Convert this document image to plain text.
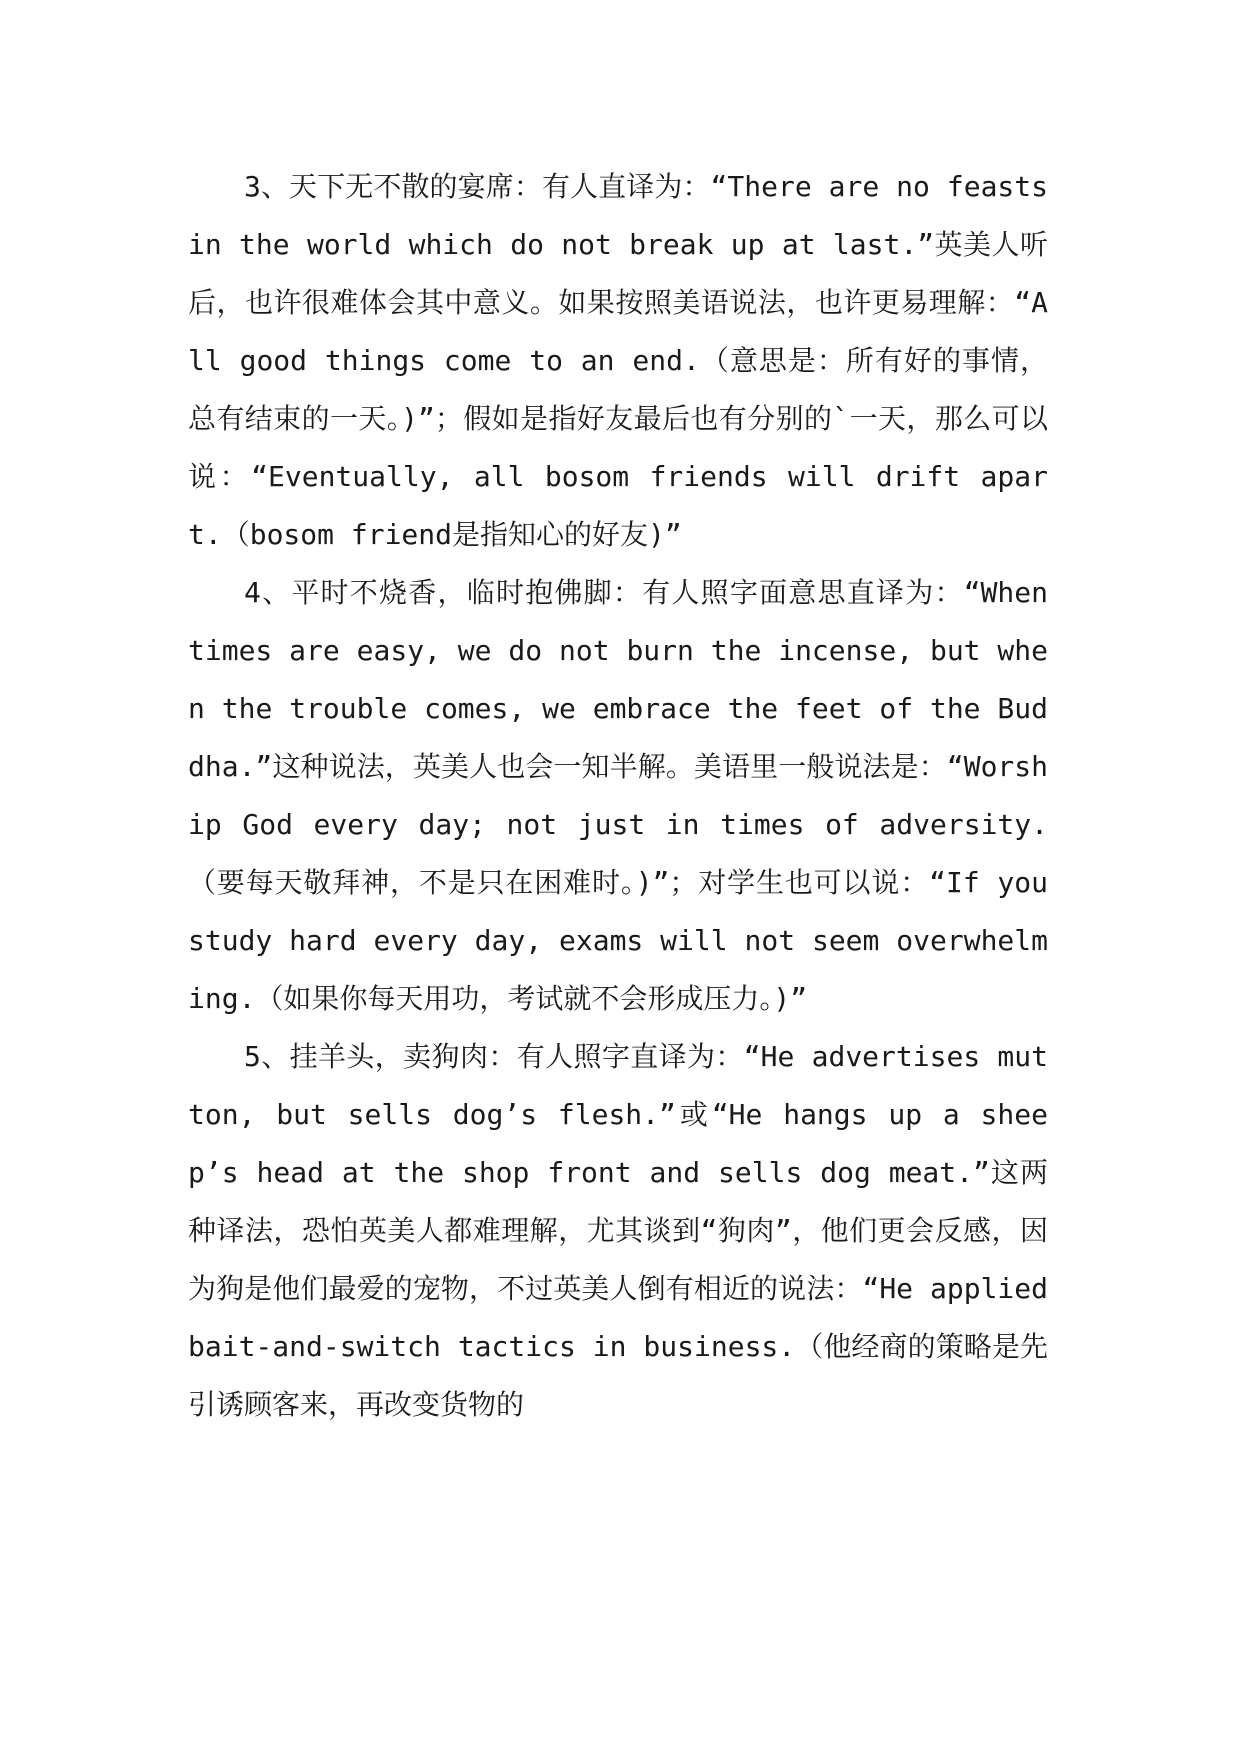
3、天下无不散的宴席：有人直译为：“There are no feasts in the world which do not break up at last.”英美人听后，也许很难体会其中意义。如果按照美语说法，也许更易理解：“All good things come to an end.（意思是：所有好的事情，总有结束的一天。)”；假如是指好友最后也有分别的`一天，那么可以说：“Eventually, all bosom friends will drift apart.（bosom friend是指知心的好友)”

4、平时不烧香，临时抱佛脚：有人照字面意思直译为：“When times are easy, we do not burn the incense, but when the trouble comes, we embrace the feet of the Buddha.”这种说法，英美人也会一知半解。美语里一般说法是：“Worship God every day; not just in times of adversity.（要每天敬拜神，不是只在困难时。)”；对学生也可以说：“If you study hard every day, exams will not seem overwhelming.（如果你每天用功，考试就不会形成压力。)”

5、挂羊头，卖狗肉：有人照字直译为：“He advertises mutton, but sells dog’s flesh.”或“He hangs up a sheep’s head at the shop front and sells dog meat.”这两种译法，恐怕英美人都难理解，尤其谈到“狗肉”，他们更会反感，因为狗是他们最爱的宠物，不过英美人倒有相近的说法：“He applied bait-and-switch tactics in business.（他经商的策略是先引诱顾客来，再改变货物的
